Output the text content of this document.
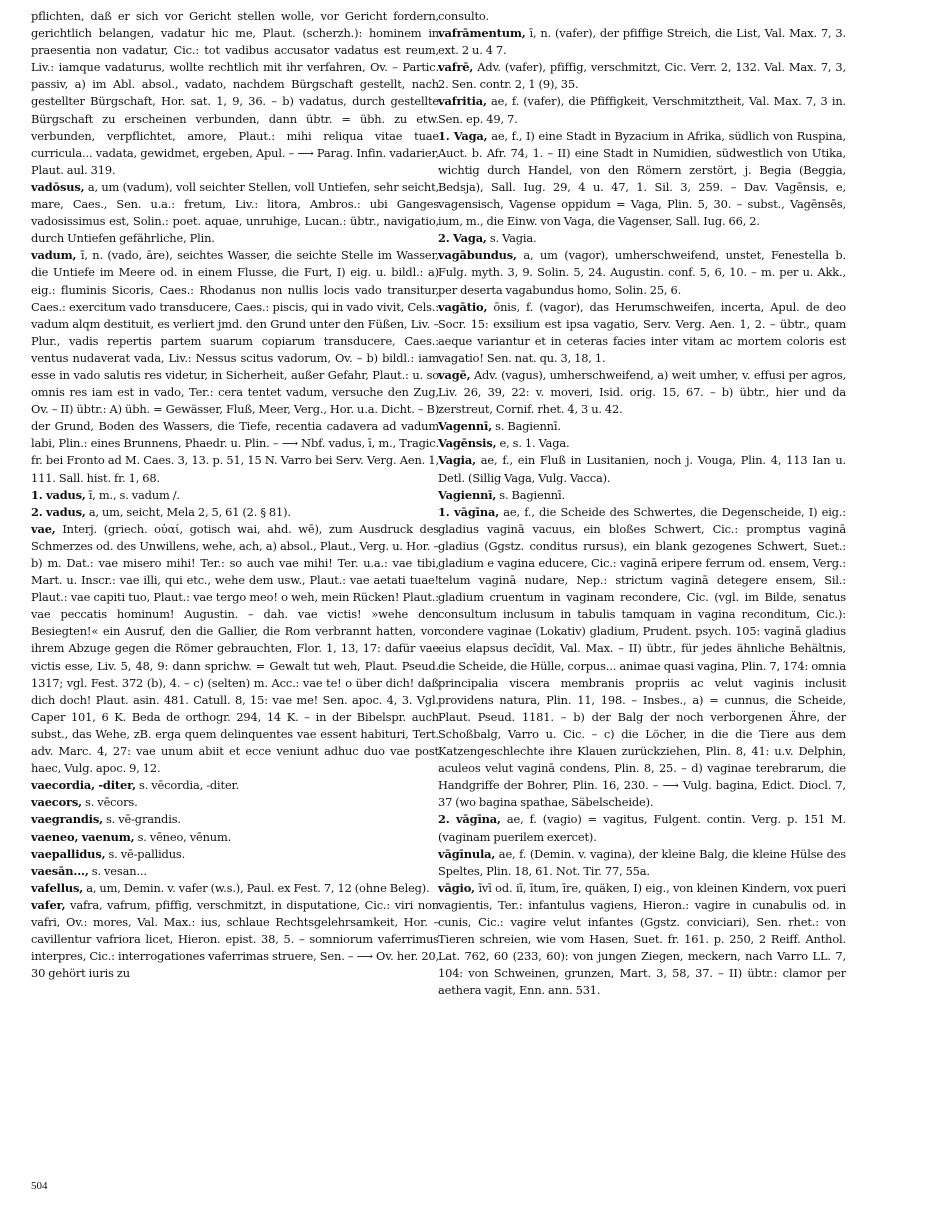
pflichten, daß er sich vor Gericht stellen wolle, vor Gericht fordern, gerichtlich belangen, vadatur hic me, Plaut. (scherzh.): hominem in praesentia non vadatur, Cic.: tot vadibus accusator vadatus est reum, Liv.: iamque vadaturus, wollte rechtlich mit ihr verfahren, Ov. – Partic. passiv, a) im Abl. absol., vadato, nachdem Bürgschaft gestellt, nach gestellter Bürgschaft, Hor. sat. 1, 9, 36. – b) vadatus, durch gestellte Bürgschaft zu erscheinen verbunden, dann übtr. = übh. zu etw. verbunden, verpflichtet, amore, Plaut.: mihi reliqua vitae tuae curricula... vadata, gewidmet, ergeben, Apul. – ⟶ Parag. Infin. vadarier, Plaut. aul. 319.

vadōsus, a, um (vadum), voll seichter Stellen, voll Untiefen, sehr seicht, mare, Caes., Sen. u.a.: fretum, Liv.: litora, Ambros.: ubi Ganges vadosissimus est, Solin.: poet. aquae, unruhige, Lucan.: übtr., navigatio, durch Untiefen gefährliche, Plin.

vadum, ī, n. (vado, āre), seichtes Wasser, die seichte Stelle im Wasser, die Untiefe im Meere od. in einem Flusse, die Furt, I) eig. u. bildl.: a) eig.: fluminis Sicoris, Caes.: Rhodanus non nullis locis vado transitur, Caes.: exercitum vado transducere, Caes.: piscis, qui in vado vivit, Cels.: vadum alqm destituit, es verliert jmd. den Grund unter den Füßen, Liv. – Plur., vadis repertis partem suarum copiarum transducere, Caes.: ventus nudaverat vada, Liv.: Nessus scitus vadorum, Ov. – b) bildl.: iam esse in vado salutis res videtur, in Sicherheit, außer Gefahr, Plaut.: u. so omnis res iam est in vado, Ter.: cera tentet vadum, versuche den Zug, Ov. – II) übtr.: A) übh. = Gewässer, Fluß, Meer, Verg., Hor. u.a. Dicht. – B) der Grund, Boden des Wassers, die Tiefe, recentia cadavera ad vadum labi, Plin.: eines Brunnens, Phaedr. u. Plin. – ⟶ Nbf. vadus, ī, m., Tragic. fr. bei Fronto ad M. Caes. 3, 13. p. 51, 15 N. Varro bei Serv. Verg. Aen. 1, 111. Sall. hist. fr. 1, 68.

1. vadus, ī, m., s. vadum /.

2. vadus, a, um, seicht, Mela 2, 5, 61 (2. § 81).

vae, Interj. (griech. οὐαί, gotisch wai, ahd. wē), zum Ausdruck des Schmerzes od. des Unwillens, wehe, ach, a) absol., Plaut., Verg. u. Hor. – b) m. Dat.: vae misero mihi! Ter.: so auch vae mihi! Ter. u.a.: vae tibi, Mart. u. Inscr.: vae illi, qui etc., wehe dem usw., Plaut.: vae aetati tuae! Plaut.: vae capiti tuo, Plaut.: vae tergo meo! o weh, mein Rücken! Plaut.: vae peccatis hominum! Augustin. – dah. vae victis! »wehe den Besiegten!« ein Ausruf, den die Gallier, die Rom verbrannt hatten, vor ihrem Abzuge gegen die Römer gebrauchten, Flor. 1, 13, 17: dafür vae victis esse, Liv. 5, 48, 9: dann sprichw. = Gewalt tut weh, Plaut. Pseud. 1317; vgl. Fest. 372 (b), 4. – c) (selten) m. Acc.: vae te! o über dich! daß dich doch! Plaut. asin. 481. Catull. 8, 15: vae me! Sen. apoc. 4, 3. Vgl. Caper 101, 6 K. Beda de orthogr. 294, 14 K. – in der Bibelspr. auch subst., das Wehe, zB. erga quem delinquentes vae essent habituri, Tert. adv. Marc. 4, 27: vae unum abiit et ecce veniunt adhuc duo vae post haec, Vulg. apoc. 9, 12.

vaecordia, -diter, s. vēcordia, -diter.

vaecors, s. vēcors.

vaegrandis, s. vē-grandis.

vaeneo, vaenum, s. vēneo, vēnum.

vaepallidus, s. vē-pallidus.

vaesān..., s. vesan...

vafellus, a, um, Demin. v. vafer (w.s.), Paul. ex Fest. 7, 12 (ohne Beleg).

vafer, vafra, vafrum, pfiffig, verschmitzt, in disputatione, Cic.: viri non vafri, Ov.: mores, Val. Max.: ius, schlaue Rechtsgelehrsamkeit, Hor. – cavillentur vafriora licet, Hieron. epist. 38, 5. – somniorum vaferrimus interpres, Cic.: interrogationes vaferrimas struere, Sen. – ⟶ Ov. her. 20, 30 gehört iuris zu

consulto.

vafrāmentum, ī, n. (vafer), der pfiffige Streich, die List, Val. Max. 7, 3. ext. 2 u. 4 7.

vafrē, Adv. (vafer), pfiffig, verschmitzt, Cic. Verr. 2, 132. Val. Max. 7, 3, 2. Sen. contr. 2, 1 (9), 35.

vafritia, ae, f. (vafer), die Pfiffigkeit, Verschmitztheit, Val. Max. 7, 3 in. Sen. ep. 49, 7.

1. Vaga, ae, f., I) eine Stadt in Byzacium in Afrika, südlich von Ruspina, Auct. b. Afr. 74, 1. – II) eine Stadt in Numidien, südwestlich von Utika, wichtig durch Handel, von den Römern zerstört, j. Begia (Beggia, Bedsja), Sall. Iug. 29, 4 u. 47, 1. Sil. 3, 259. – Dav. Vagēnsis, e, vagensisch, Vagense oppidum = Vaga, Plin. 5, 30. – subst., Vagēnsēs, ium, m., die Einw. von Vaga, die Vagenser, Sall. Iug. 66, 2.

2. Vaga, s. Vagia.

vagābundus, a, um (vagor), umherschweifend, unstet, Fenestella b. Fulg. myth. 3, 9. Solin. 5, 24. Augustin. conf. 5, 6, 10. – m. per u. Akk., per deserta vagabundus homo, Solin. 25, 6.

vagātio, ōnis, f. (vagor), das Herumschweifen, incerta, Apul. de deo Socr. 15: exsilium est ipsa vagatio, Serv. Verg. Aen. 1, 2. – übtr., quam aeque variantur et in ceteras facies inter vitam ac mortem coloris est vagatio! Sen. nat. qu. 3, 18, 1.

vagē, Adv. (vagus), umherschweifend, a) weit umher, v. effusi per agros, Liv. 26, 39, 22: v. moveri, Isid. orig. 15, 67. – b) übtr., hier und da zerstreut, Cornif. rhet. 4, 3 u. 42.

Vagennī, s. Bagiennī.

Vagēnsis, e, s. 1. Vaga.

Vagia, ae, f., ein Fluß in Lusitanien, noch j. Vouga, Plin. 4, 113 Ian u. Detl. (Sillig Vaga, Vulg. Vacca).

Vagiennī, s. Bagiennī.

1. vāgīna, ae, f., die Scheide des Schwertes, die Degenscheide, I) eig.: gladius vaginā vacuus, ein bloßes Schwert, Cic.: promptus vaginā gladius (Ggstz. conditus rursus), ein blank gezogenes Schwert, Suet.: gladium e vagina educere, Cic.: vaginā eripere ferrum od. ensem, Verg.: telum vaginā nudare, Nep.: strictum vaginā detegere ensem, Sil.: gladium cruentum in vaginam recondere, Cic. (vgl. im Bilde, senatus consultum inclusum in tabulis tamquam in vagina reconditum, Cic.): condere vaginae (Lokativ) gladium, Prudent. psych. 105: vaginā gladius eius elapsus decīdit, Val. Max. – II) übtr., für jedes ähnliche Behältnis, die Scheide, die Hülle, corpus... animae quasi vagina, Plin. 7, 174: omnia principalia viscera membranis propriis ac velut vaginis inclusit providens natura, Plin. 11, 198. – Insbes., a) = cunnus, die Scheide, Plaut. Pseud. 1181. – b) der Balg der noch verborgenen Ähre, der Schoßbalg, Varro u. Cic. – c) die Löcher, in die die Tiere aus dem Katzengeschlechte ihre Klauen zurückziehen, Plin. 8, 41: u.v. Delphin, aculeos velut vaginā condens, Plin. 8, 25. – d) vaginae terebrarum, die Handgriffe der Bohrer, Plin. 16, 230. – ⟶ Vulg. bagina, Edict. Diocl. 7, 37 (wo bagina spathae, Säbelscheide).

2. vāgīna, ae, f. (vagio) = vagitus, Fulgent. contin. Verg. p. 151 M. (vaginam puerilem exercet).

vāgīnula, ae, f. (Demin. v. vagina), der kleine Balg, die kleine Hülse des Speltes, Plin. 18, 61. Not. Tir. 77, 55a.

vāgio, īvī od. iī, ītum, īre, quäken, I) eig., von kleinen Kindern, vox pueri vagientis, Ter.: infantulus vagiens, Hieron.: vagire in cunabulis od. in cunis, Cic.: vagire velut infantes (Ggstz. conviciari), Sen. rhet.: von Tieren schreien, wie vom Hasen, Suet. fr. 161. p. 250, 2 Reiff. Anthol. Lat. 762, 60 (233, 60): von jungen Ziegen, meckern, nach Varro LL. 7, 104: von Schweinen, grunzen, Mart. 3, 58, 37. – II) übtr.: clamor per aethera vagit, Enn. ann. 531.

504
